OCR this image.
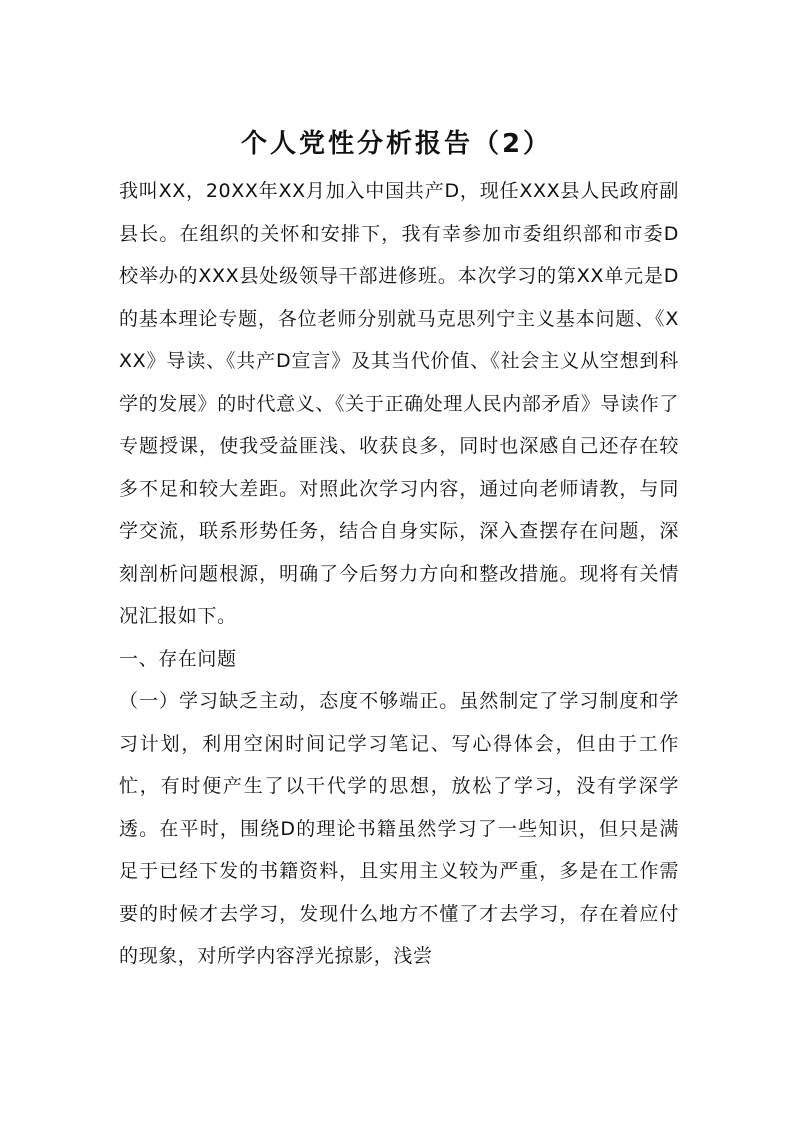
个人党性分析报告（2）

我叫XX，20XX年XX月加入中国共产D，现任XXX县人民政府副县长。在组织的关怀和安排下，我有幸参加市委组织部和市委D校举办的XXX县处级领导干部进修班。本次学习的第XX单元是D的基本理论专题，各位老师分别就马克思列宁主义基本问题、《XXX》导读、《共产D宣言》及其当代价值、《社会主义从空想到科学的发展》的时代意义、《关于正确处理人民内部矛盾》导读作了专题授课，使我受益匪浅、收获良多，同时也深感自己还存在较多不足和较大差距。对照此次学习内容，通过向老师请教，与同学交流，联系形势任务，结合自身实际，深入查摆存在问题，深刻剖析问题根源，明确了今后努力方向和整改措施。现将有关情况汇报如下。

一、存在问题

（一）学习缺乏主动，态度不够端正。虽然制定了学习制度和学习计划，利用空闲时间记学习笔记、写心得体会，但由于工作忙，有时便产生了以干代学的思想，放松了学习，没有学深学透。在平时，围绕D的理论书籍虽然学习了一些知识，但只是满足于已经下发的书籍资料，且实用主义较为严重，多是在工作需要的时候才去学习，发现什么地方不懂了才去学习，存在着应付的现象，对所学内容浮光掠影，浅尝
